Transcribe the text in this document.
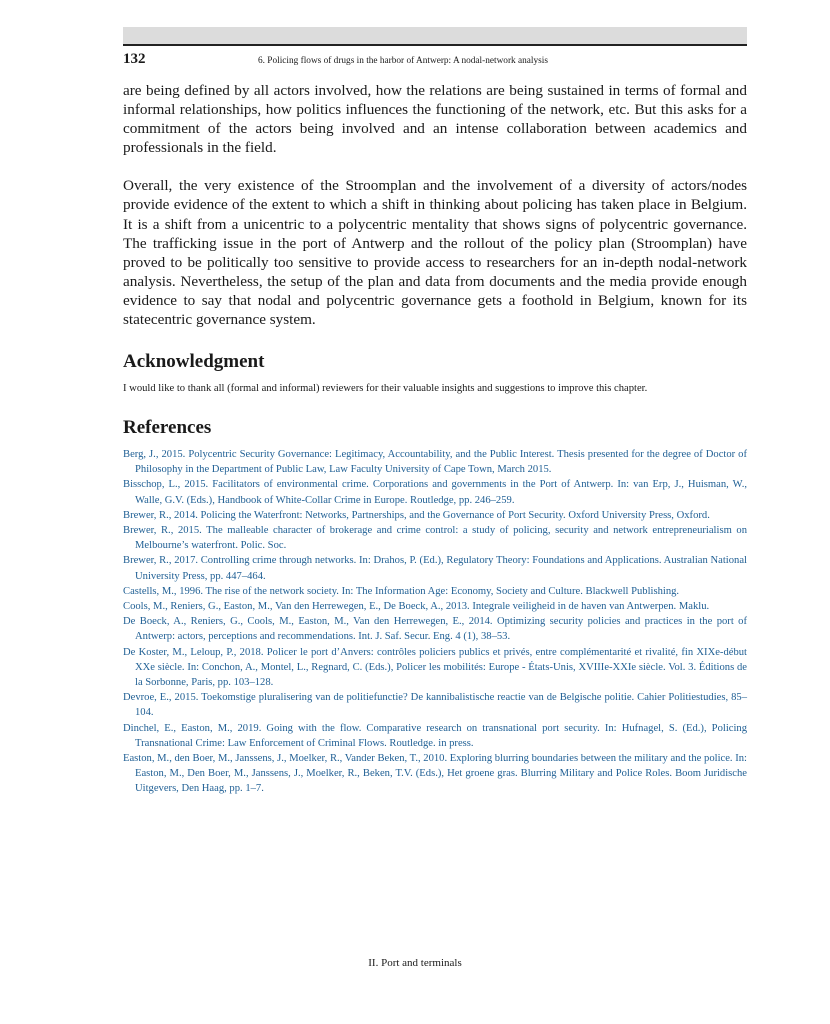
132	6. Policing flows of drugs in the harbor of Antwerp: A nodal-network analysis

are being defined by all actors involved, how the relations are being sustained in terms of formal and informal relationships, how politics influences the functioning of the network, etc. But this asks for a commitment of the actors being involved and an intense collaboration between academics and professionals in the field.

Overall, the very existence of the Stroomplan and the involvement of a diversity of actors/​nodes provide evidence of the extent to which a shift in thinking about policing has taken place in Belgium. It is a shift from a unicentric to a polycentric mentality that shows signs of polycentric governance. The trafficking issue in the port of Antwerp and the rollout of the policy plan (Stroomplan) have proved to be politically too sensitive to provide access to researchers for an in-depth nodal-network analysis. Nevertheless, the setup of the plan and data from documents and the media provide enough evidence to say that nodal and polycentric governance gets a foothold in Belgium, known for its statecentric governance system.

Acknowledgment

I would like to thank all (formal and informal) reviewers for their valuable insights and suggestions to improve this chapter.

References
Berg, J., 2015. Polycentric Security Governance: Legitimacy, Accountability, and the Public Interest. Thesis presented for the degree of Doctor of Philosophy in the Department of Public Law, Law Faculty University of Cape Town, March 2015.
Bisschop, L., 2015. Facilitators of environmental crime. Corporations and governments in the Port of Antwerp. In: van Erp, J., Huisman, W., Walle, G.V. (Eds.), Handbook of White-Collar Crime in Europe. Routledge, pp. 246–259.
Brewer, R., 2014. Policing the Waterfront: Networks, Partnerships, and the Governance of Port Security. Oxford University Press, Oxford.
Brewer, R., 2015. The malleable character of brokerage and crime control: a study of policing, security and network entrepreneurialism on Melbourne’s waterfront. Polic. Soc.
Brewer, R., 2017. Controlling crime through networks. In: Drahos, P. (Ed.), Regulatory Theory: Foundations and Applications. Australian National University Press, pp. 447–464.
Castells, M., 1996. The rise of the network society. In: The Information Age: Economy, Society and Culture. Blackwell Publishing.
Cools, M., Reniers, G., Easton, M., Van den Herrewegen, E., De Boeck, A., 2013. Integrale veiligheid in de haven van Antwerpen. Maklu.
De Boeck, A., Reniers, G., Cools, M., Easton, M., Van den Herrewegen, E., 2014. Optimizing security policies and practices in the port of Antwerp: actors, perceptions and recommendations. Int. J. Saf. Secur. Eng. 4 (1), 38–53.
De Koster, M., Leloup, P., 2018. Policer le port d’Anvers: contrôles policiers publics et privés, entre complémentarité et rivalité, fin XIXe-début XXe siècle. In: Conchon, A., Montel, L., Regnard, C. (Eds.), Policer les mobilités: Europe - États-Unis, XVIIIe-XXIe siècle. Vol. 3. Éditions de la Sorbonne, Paris, pp. 103–128.
Devroe, E., 2015. Toekomstige pluralisering van de politiefunctie? De kannibalistische reactie van de Belgische politie. Cahier Politiestudies, 85–104.
Dinchel, E., Easton, M., 2019. Going with the flow. Comparative research on transnational port security. In: Hufnagel, S. (Ed.), Policing Transnational Crime: Law Enforcement of Criminal Flows. Routledge. in press.
Easton, M., den Boer, M., Janssens, J., Moelker, R., Vander Beken, T., 2010. Exploring blurring boundaries between the military and the police. In: Easton, M., Den Boer, M., Janssens, J., Moelker, R., Beken, T.V. (Eds.), Het groene gras. Blurring Military and Police Roles. Boom Juridische Uitgevers, Den Haag, pp. 1–7.
II. Port and terminals
